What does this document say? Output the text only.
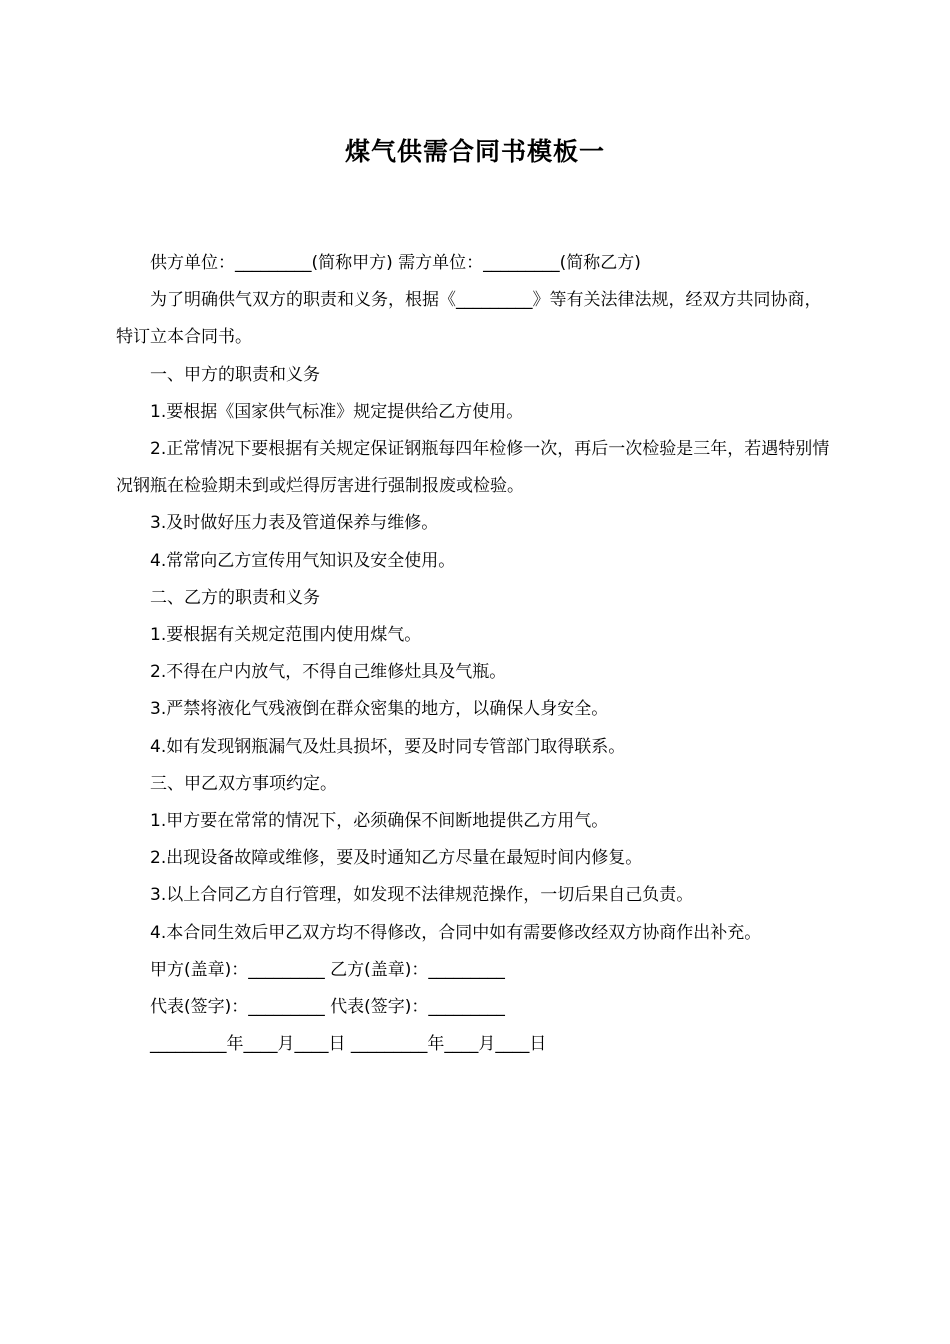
煤气供需合同书模板一

供方单位：_________(简称甲方) 需方单位：_________(简称乙方)

为了明确供气双方的职责和义务，根据《_________》等有关法律法规，经双方共同协商，特订立本合同书。

一、甲方的职责和义务

1.要根据《国家供气标准》规定提供给乙方使用。

2.正常情况下要根据有关规定保证钢瓶每四年检修一次，再后一次检验是三年，若遇特别情况钢瓶在检验期未到或烂得厉害进行强制报废或检验。

3.及时做好压力表及管道保养与维修。

4.常常向乙方宣传用气知识及安全使用。

二、乙方的职责和义务

1.要根据有关规定范围内使用煤气。

2.不得在户内放气，不得自己维修灶具及气瓶。

3.严禁将液化气残液倒在群众密集的地方，以确保人身安全。

4.如有发现钢瓶漏气及灶具损坏，要及时同专管部门取得联系。

三、甲乙双方事项约定。

1.甲方要在常常的情况下，必须确保不间断地提供乙方用气。

2.出现设备故障或维修，要及时通知乙方尽量在最短时间内修复。

3.以上合同乙方自行管理，如发现不法律规范操作，一切后果自己负责。

4.本合同生效后甲乙双方均不得修改，合同中如有需要修改经双方协商作出补充。

甲方(盖章)：_________ 乙方(盖章)：_________

代表(签字)：_________ 代表(签字)：_________

_________年____月____日 _________年____月____日
